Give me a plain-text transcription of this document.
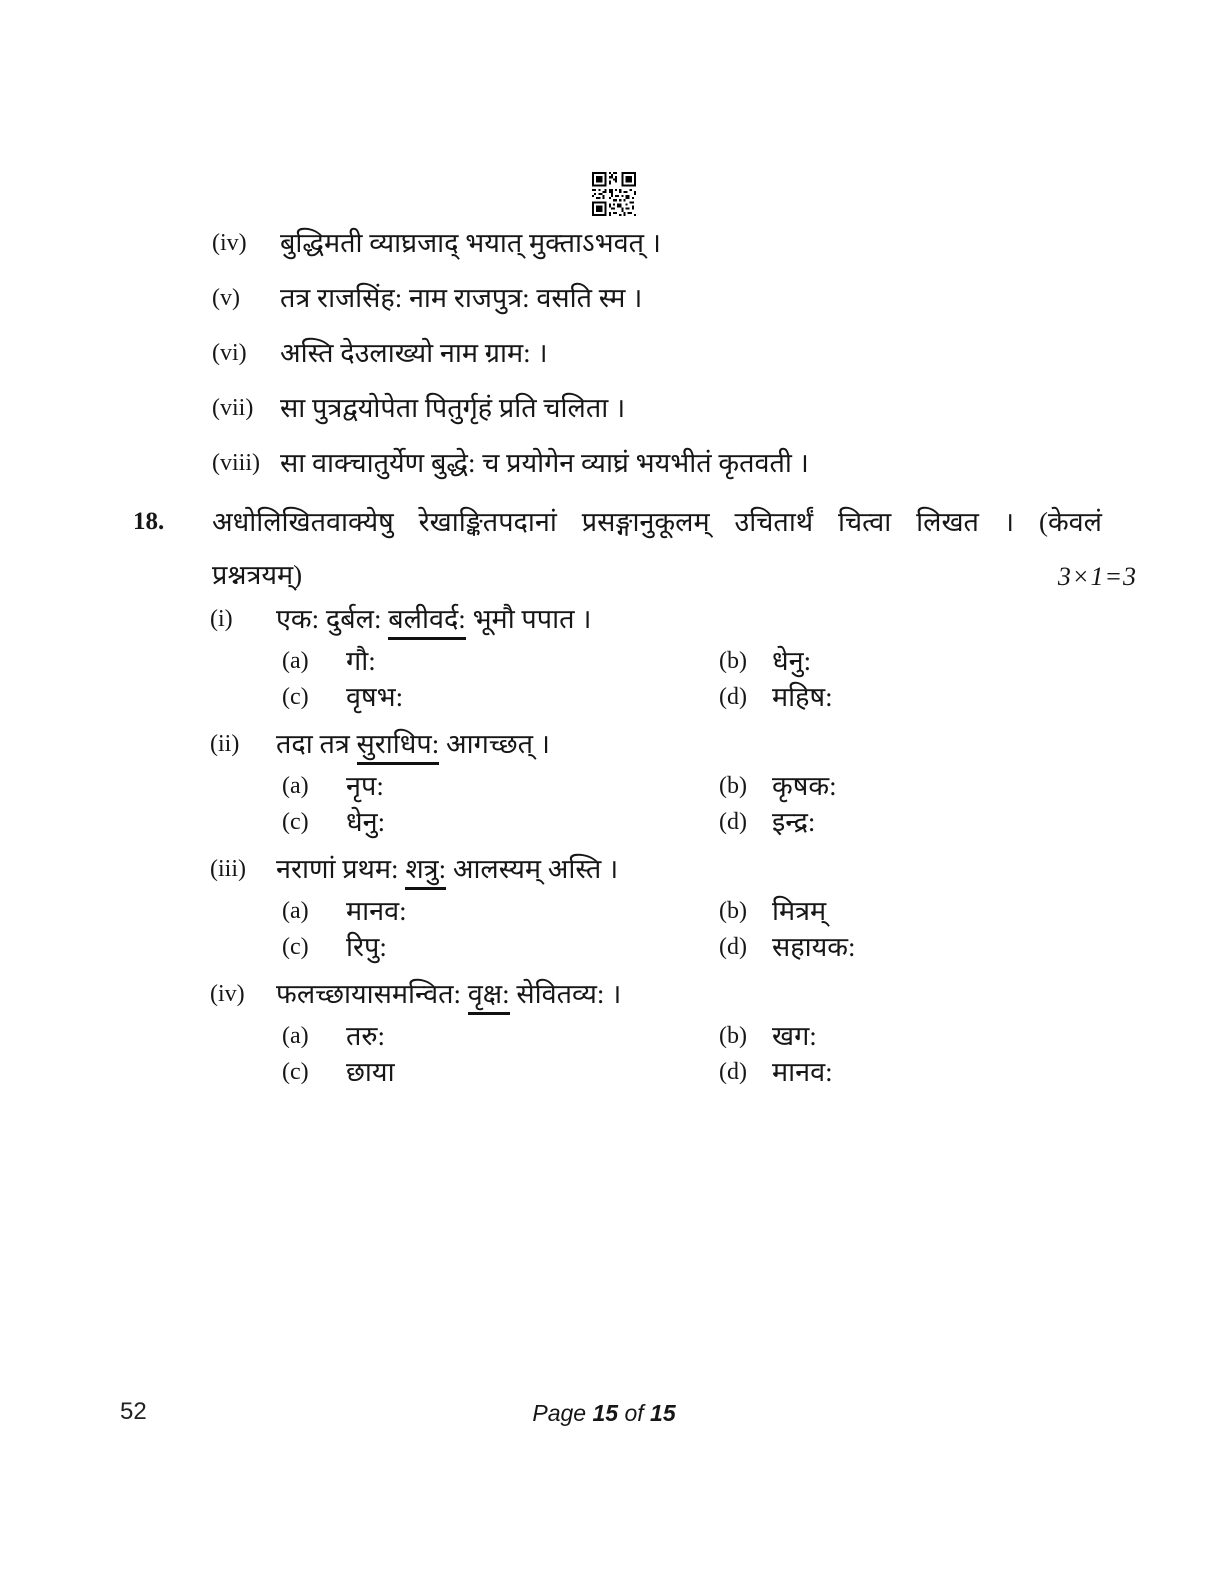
(iv)	बुद्धिमती व्याघ्रजाद् भयात् मुक्ताऽभवत् ।
(v)	तत्र राजसिंह: नाम राजपुत्र: वसति स्म ।
(vi)	अस्ति देउलाख्यो नाम ग्राम: ।
(vii) सा पुत्रद्वयोपेता पितुर्गृहं प्रति चलिता ।
(viii) सा वाक्चातुर्येण बुद्धे: च प्रयोगेन व्याघ्रं भयभीतं कृतवती ।
18.	अधोलिखितवाक्येषु रेखाङ्कितपदानां प्रसङ्गानुकूलम् उचितार्थं चित्वा लिखत । (केवलं
प्रश्नत्रयम्)	3×1=3
(i)	एक: दुर्बल: बलीवर्द: भूमौ पपात ।
(a)	गौ:	(b) धेनु:
(c)	वृषभ:	(d) महिष:
(ii)	तदा तत्र सुराधिप: आगच्छत् ।
(a)	नृप:	(b) कृषक:
(c)	धेनु:	(d) इन्द्र:
(iii)	नराणां प्रथम: शत्रु: आलस्यम् अस्ति ।
(a)	मानव:	(b) मित्रम्
(c)	रिपु:	(d) सहायक:
(iv)	फलच्छायासमन्वित: वृक्ष: सेवितव्य: ।
(a)	तरु:	(b) खग:
(c)	छाया	(d) मानव:
52	Page 15 of 15
